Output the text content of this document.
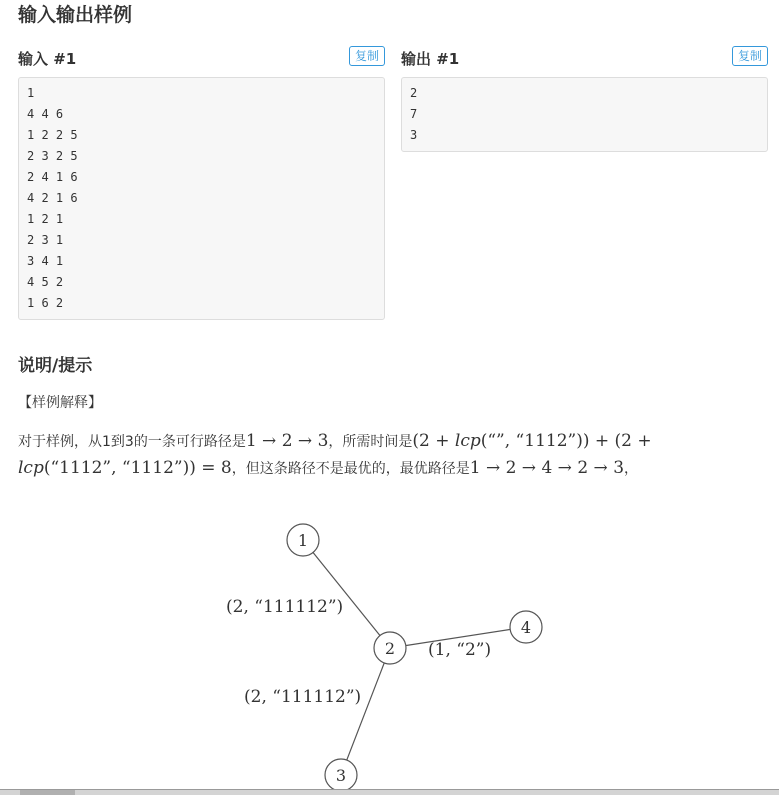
输入输出样例
输入 #1	复制
1
4 4 6
1 2 2 5
2 3 2 5
2 4 1 6
4 2 1 6
1 2 1
2 3 1
3 4 1
4 5 2
1 6 2
输出 #1	复制
2
7
3
说明/提示
【样例解释】
对于样例，从1到3的一条可行路径是1 → 2 → 3，所需时间是(2 + lcp(“”, “1112”)) + (2 +
lcp(“1112”, “1112”)) = 8，但这条路径不是最优的，最优路径是1 → 2 → 4 → 2 → 3，
1
2
3
4
(2, “111112”)
(1, “2”)
(2, “111112”)
